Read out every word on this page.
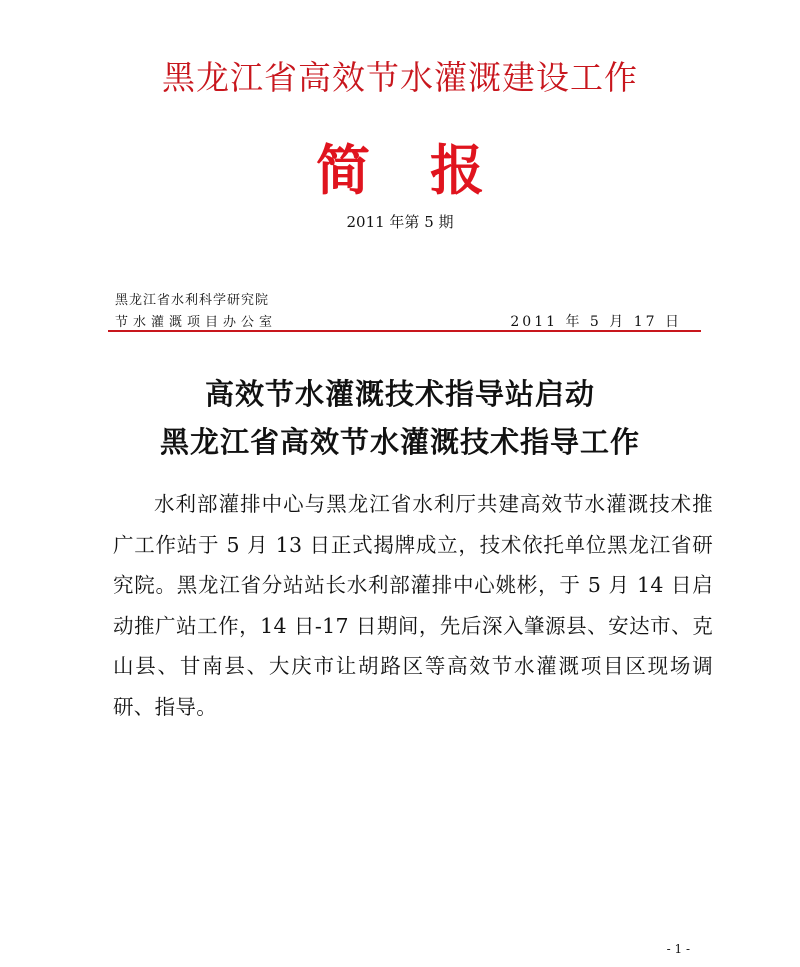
黑龙江省高效节水灌溉建设工作
简报
2011 年第 5 期
黑龙江省水利科学研究院
节水灌溉项目办公室	2011 年 5 月 17 日
高效节水灌溉技术指导站启动
黑龙江省高效节水灌溉技术指导工作

水利部灌排中心与黑龙江省水利厅共建高效节水灌溉技术推广工作站于 5 月 13 日正式揭牌成立，技术依托单位黑龙江省研究院。黑龙江省分站站长水利部灌排中心姚彬，于 5 月 14 日启动推广站工作，14 日-17 日期间，先后深入肇源县、安达市、克山县、甘南县、大庆市让胡路区等高效节水灌溉项目区现场调研、指导。

- 1 -
